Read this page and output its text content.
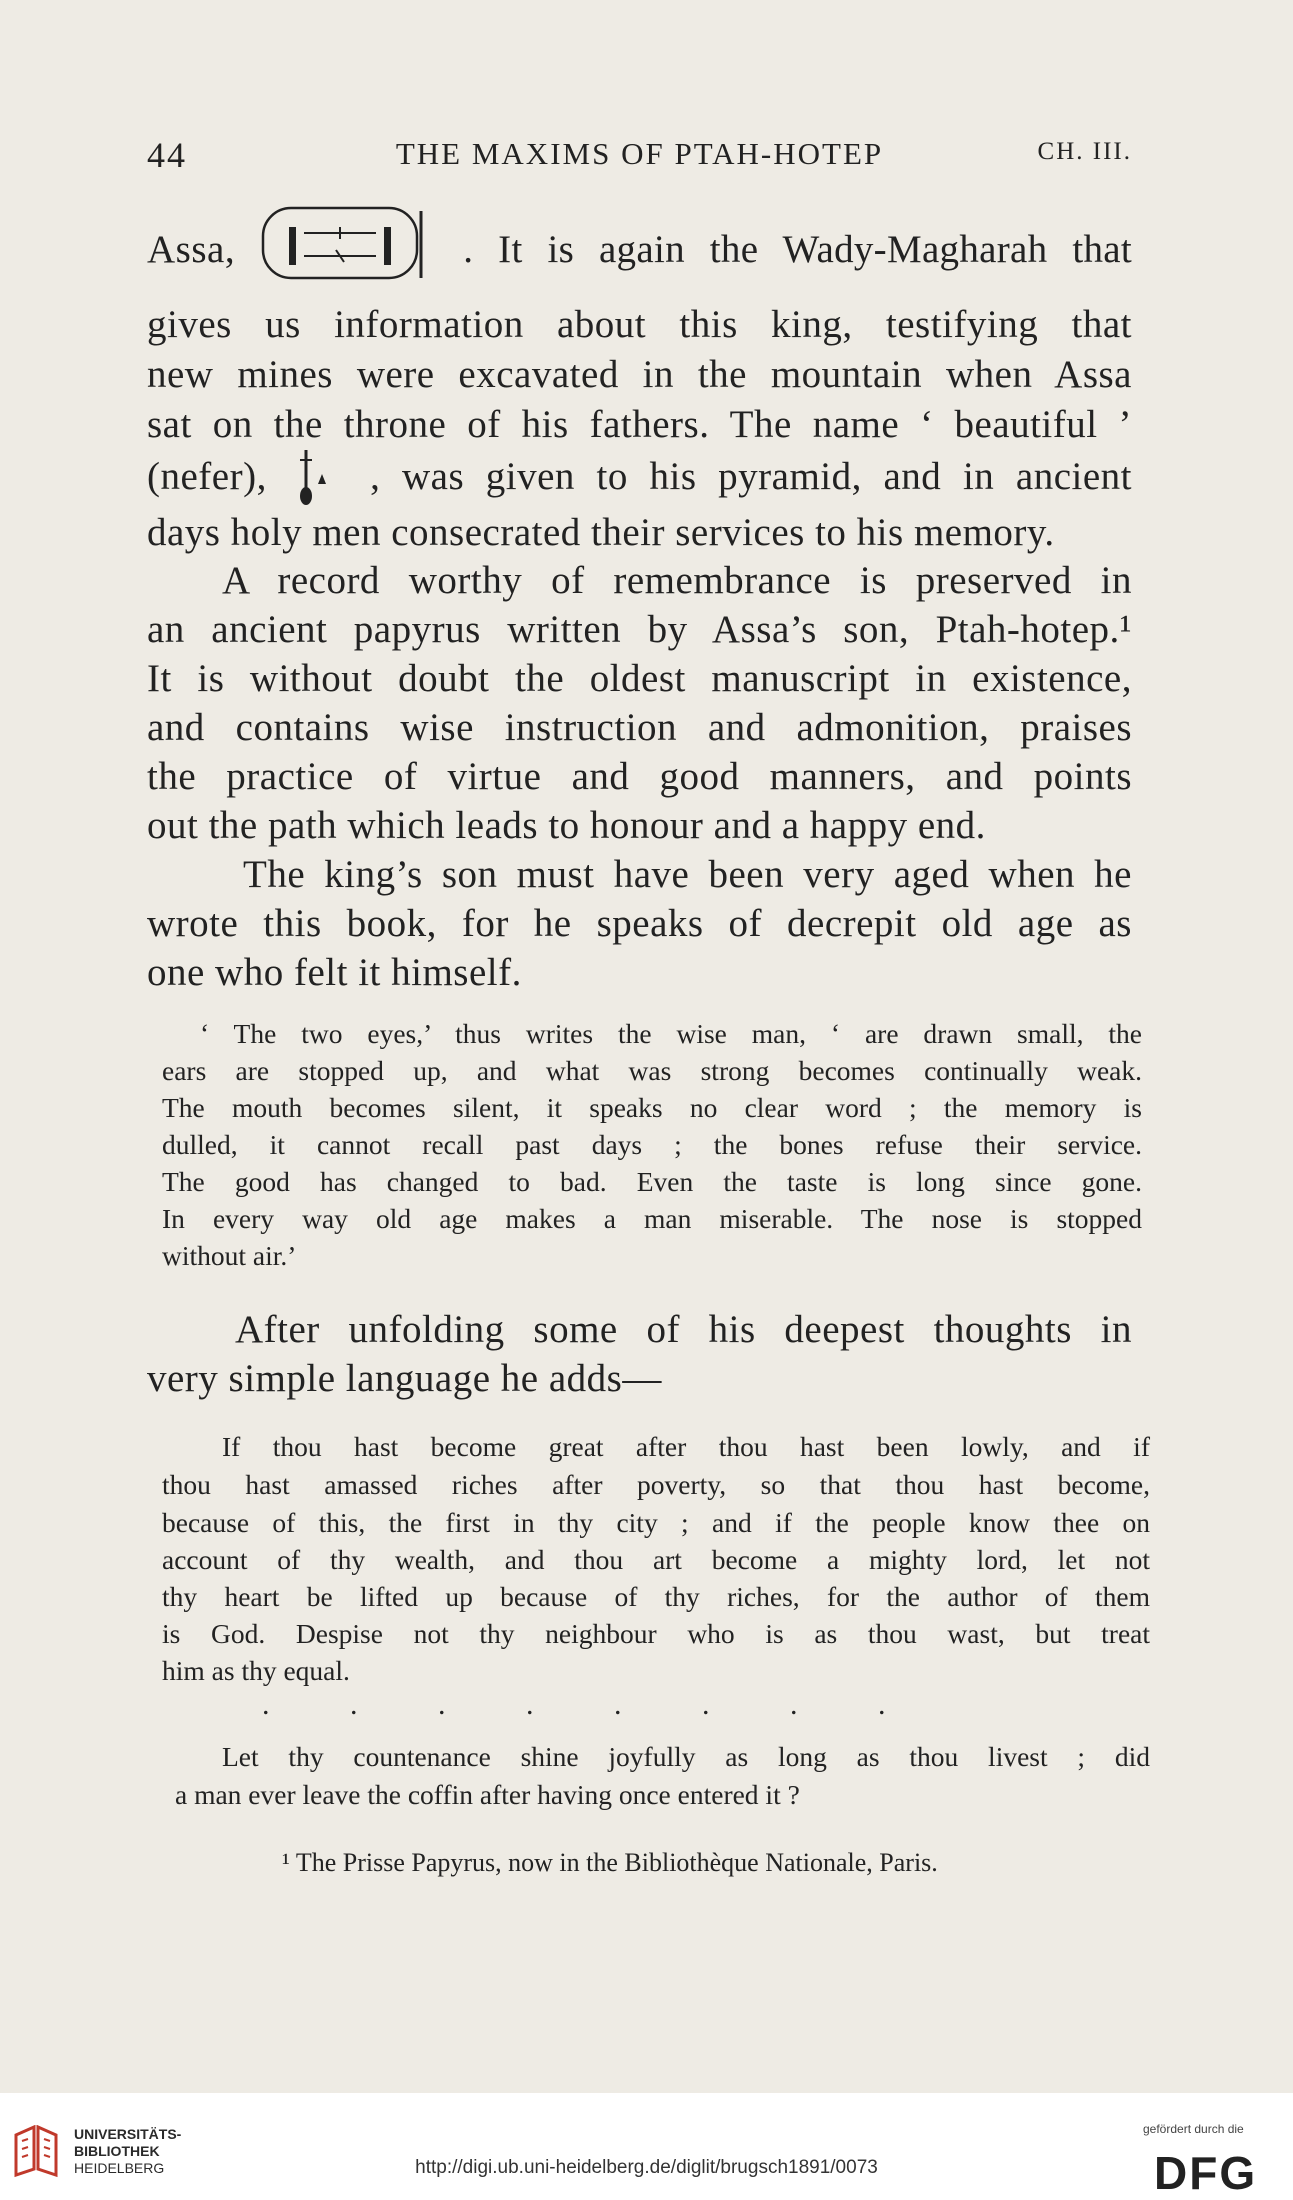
44	THE MAXIMS OF PTAH-HOTEP	CH. III.
Assa,	. It is again the Wady-Magharah that
gives us information about this king, testifying that
new mines were excavated in the mountain when Assa
sat on the throne of his fathers. The name ‘ beautiful ’
(nefer),	, was given to his pyramid, and in ancient
days holy men consecrated their services to his memory.
A record worthy of remembrance is preserved in
an ancient papyrus written by Assa’s son, Ptah-hotep.¹
It is without doubt the oldest manuscript in existence,
and contains wise instruction and admonition, praises
the practice of virtue and good manners, and points
out the path which leads to honour and a happy end.
The king’s son must have been very aged when he
wrote this book, for he speaks of decrepit old age as
one who felt it himself.
‘ The two eyes,’ thus writes the wise man, ‘ are drawn small, the
ears are stopped up, and what was strong becomes continually weak.
The mouth becomes silent, it speaks no clear word ; the memory is
dulled, it cannot recall past days ; the bones refuse their service.
The good has changed to bad. Even the taste is long since gone.
In every way old age makes a man miserable. The nose is stopped
without air.’
After unfolding some of his deepest thoughts in
very simple language he adds—
If thou hast become great after thou hast been lowly, and if
thou hast amassed riches after poverty, so that thou hast become,
because of this, the first in thy city ; and if the people know thee on
account of thy wealth, and thou art become a mighty lord, let not
thy heart be lifted up because of thy riches, for the author of them
is God. Despise not thy neighbour who is as thou wast, but treat
him as thy equal.
.	.	.	.	.	.	.	.
Let thy countenance shine joyfully as long as thou livest ; did
a man ever leave the coffin after having once entered it ?
¹ The Prisse Papyrus, now in the Bibliothèque Nationale, Paris.
UNIVERSITÄTS-
BIBLIOTHEK
HEIDELBERG	http://digi.ub.uni-heidelberg.de/diglit/brugsch1891/0073
gefördert durch die
DFG
